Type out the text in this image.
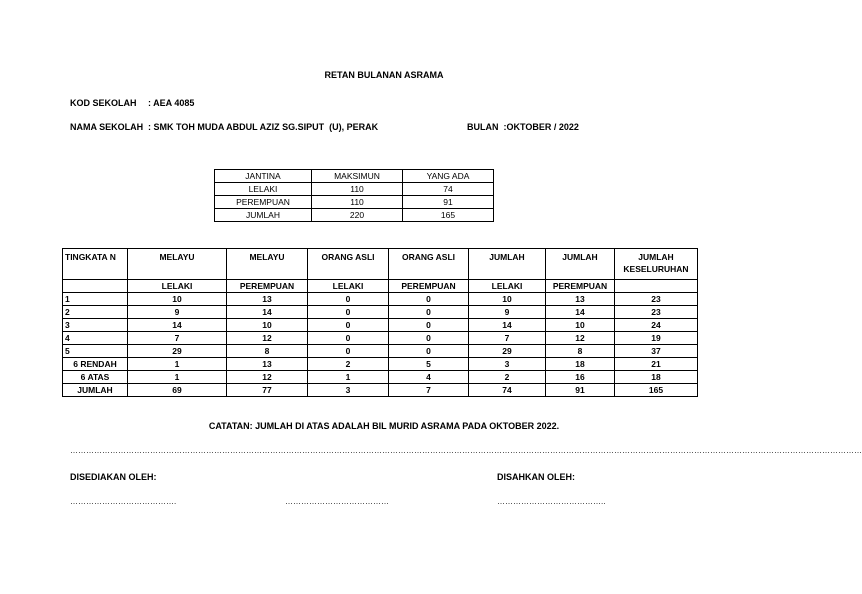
RETAN BULANAN ASRAMA
KOD SEKOLAH : AEA 4085
NAMA SEKOLAH : SMK TOH MUDA ABDUL AZIZ SG.SIPUT  (U), PERAK	BULAN  :OKTOBER / 2022
JANTINA	MAKSIMUN	YANG ADA
LELAKI	110	74
PEREMPUAN	110	91
JUMLAH	220	165
TINGKATA N	MELAYU	MELAYU	ORANG ASLI	ORANG ASLI	JUMLAH	JUMLAH	JUMLAH KESELURUHAN
	LELAKI	PEREMPUAN	LELAKI	PEREMPUAN	LELAKI	PEREMPUAN	
1	10	13	0	0	10	13	23
2	9	14	0	0	9	14	23
3	14	10	0	0	14	10	24
4	7	12	0	0	7	12	19
5	29	8	0	0	29	8	37
6 RENDAH	1	13	2	5	3	18	21
6 ATAS	1	12	1	4	2	16	18
JUMLAH	69	77	3	7	74	91	165
CATATAN: JUMLAH DI ATAS ADALAH BIL MURID ASRAMA PADA OKTOBER 2022.
………………………………………………………………………………………………………………………………………………………………………………………………………………………………………………………………………
DISEDIAKAN OLEH:	DISAHKAN OLEH:
………………………………….	…………………………………	…………………………………..
